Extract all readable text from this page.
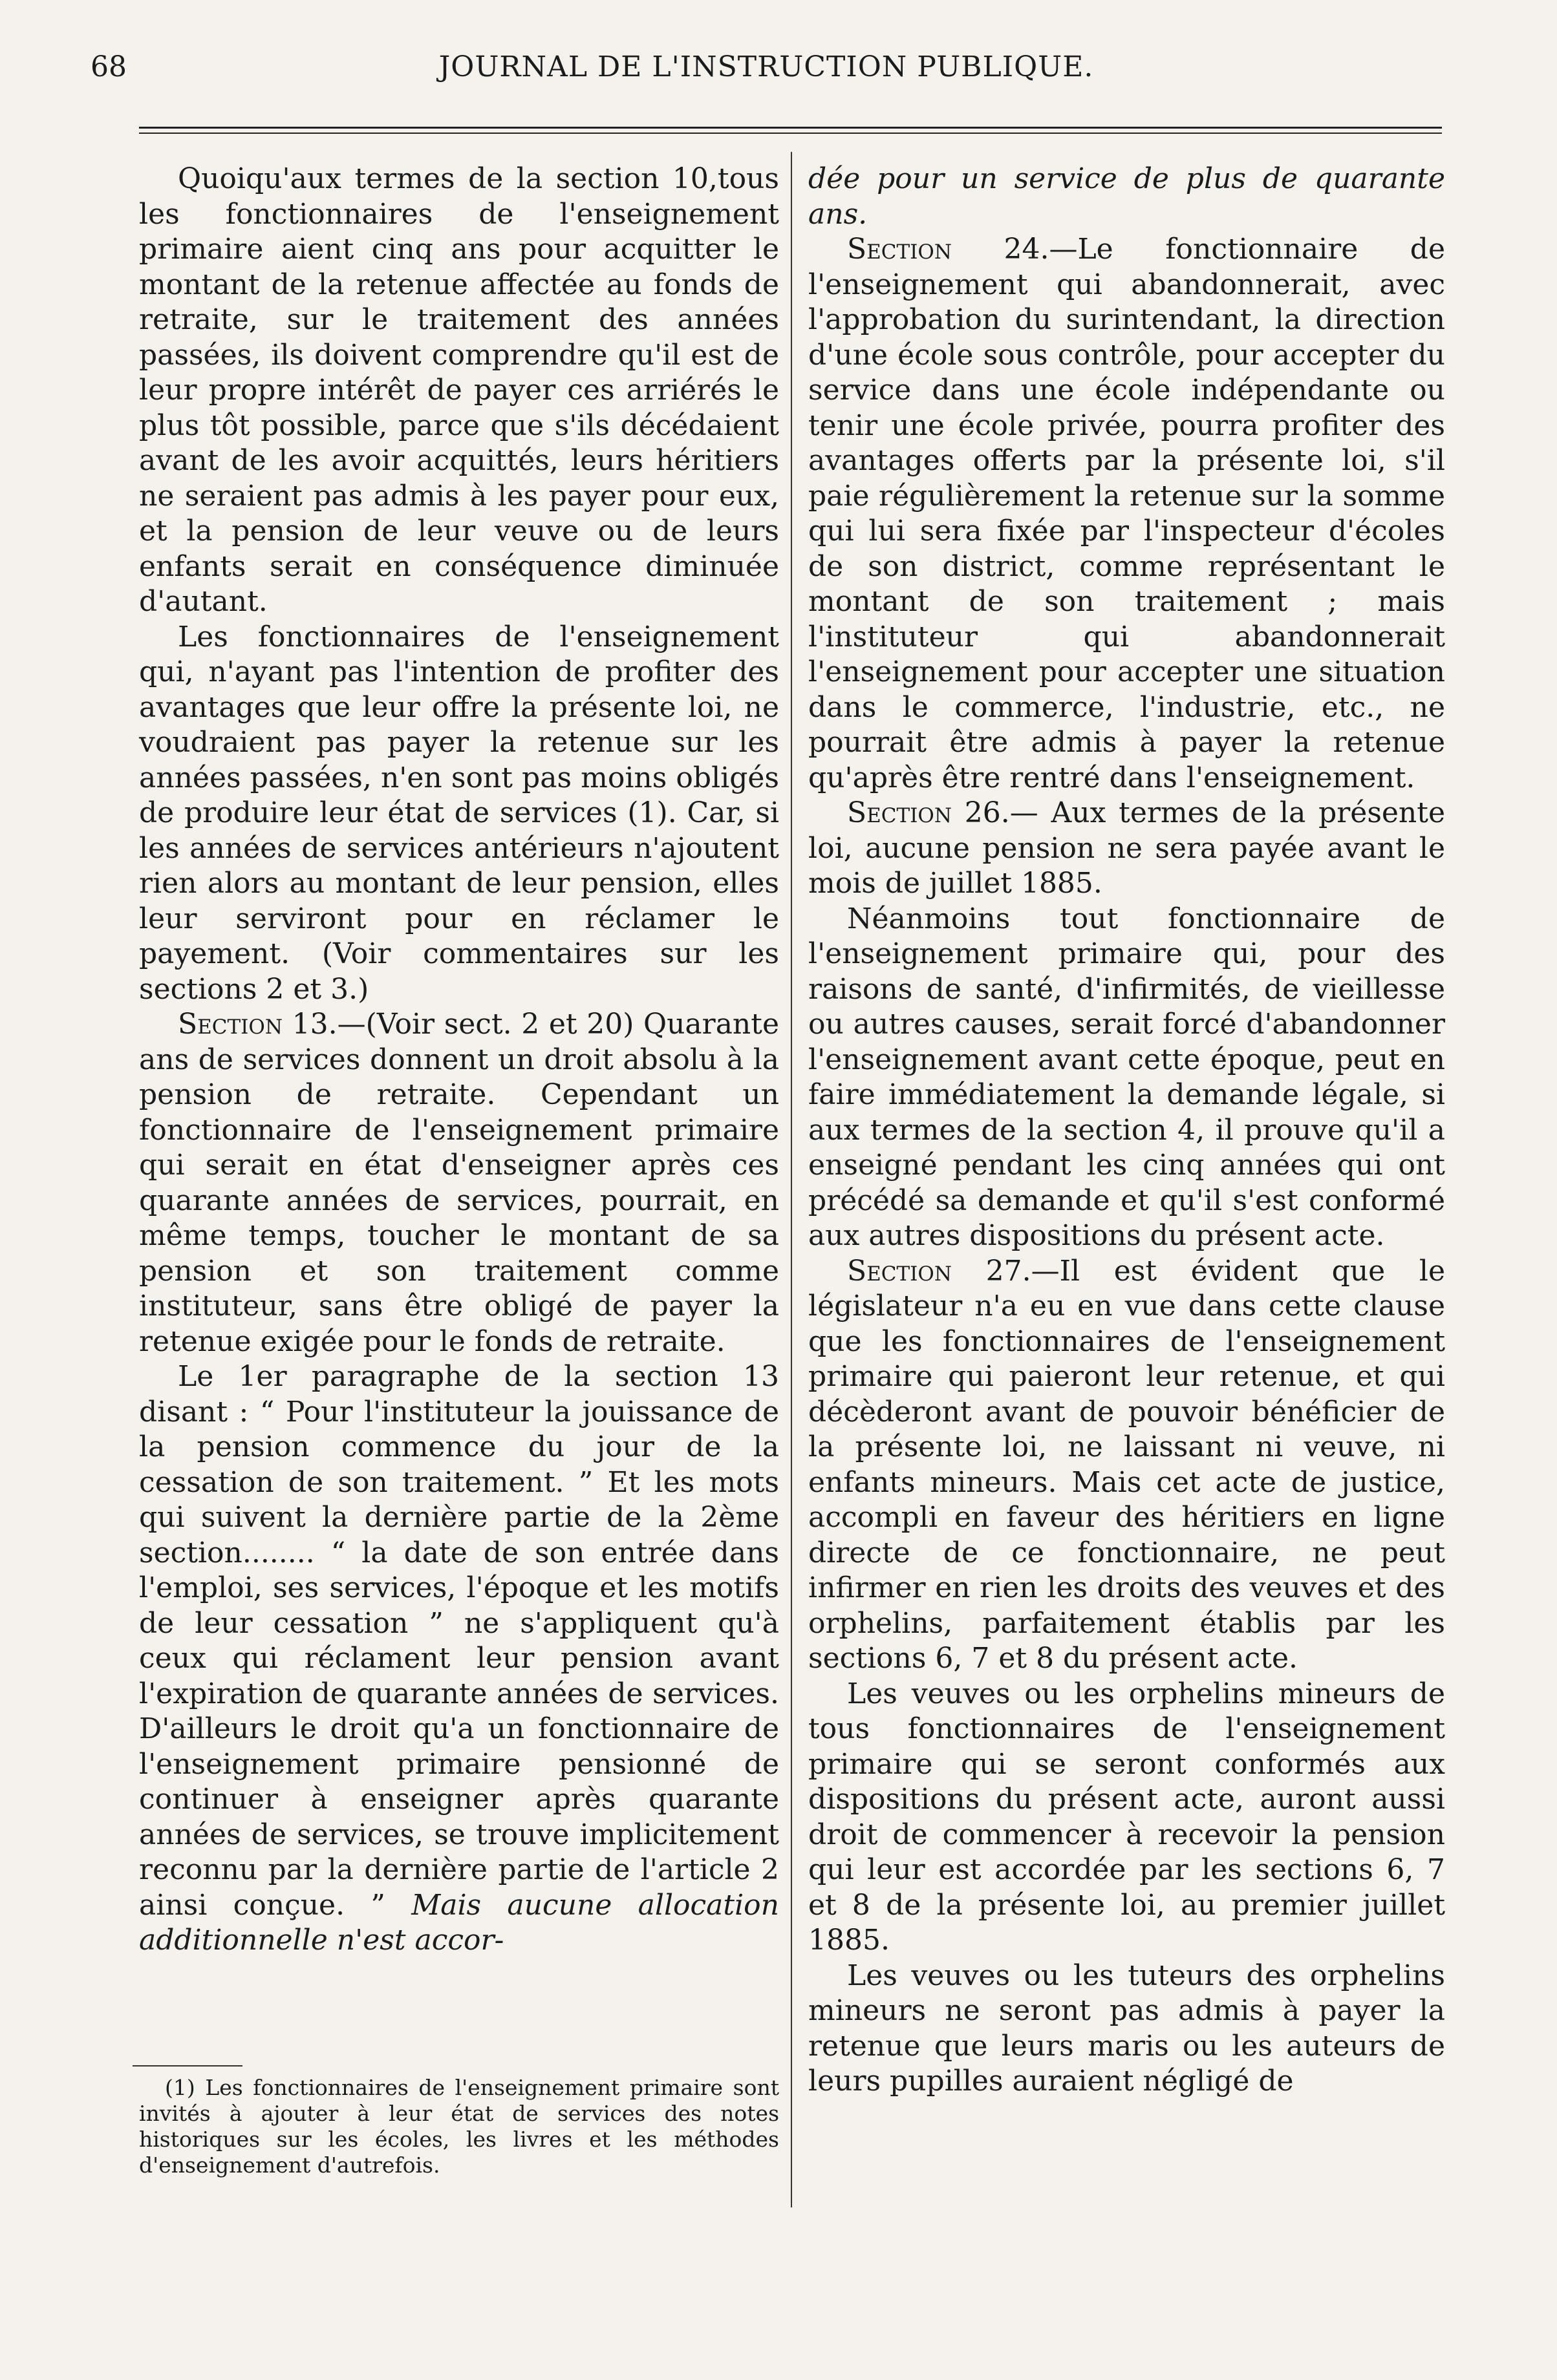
68	JOURNAL DE L'INSTRUCTION PUBLIQUE.

Quoiqu'aux termes de la section 10,tous les fonctionnaires de l'enseignement primaire aient cinq ans pour acquitter le montant de la retenue affectée au fonds de retraite, sur le traitement des années passées, ils doivent comprendre qu'il est de leur propre intérêt de payer ces arriérés le plus tôt possible, parce que s'ils décédaient avant de les avoir acquittés, leurs héritiers ne seraient pas admis à les payer pour eux, et la pension de leur veuve ou de leurs enfants serait en conséquence diminuée d'autant.

Les fonctionnaires de l'enseignement qui, n'ayant pas l'intention de profiter des avantages que leur offre la présente loi, ne voudraient pas payer la retenue sur les années passées, n'en sont pas moins obligés de produire leur état de services (1). Car, si les années de services antérieurs n'ajoutent rien alors au montant de leur pension, elles leur serviront pour en réclamer le payement. (Voir commentaires sur les sections 2 et 3.)

Section 13.—(Voir sect. 2 et 20) Quarante ans de services donnent un droit absolu à la pension de retraite. Cependant un fonctionnaire de l'enseignement primaire qui serait en état d'enseigner après ces quarante années de services, pourrait, en même temps, toucher le montant de sa pension et son traitement comme instituteur, sans être obligé de payer la retenue exigée pour le fonds de retraite.

Le 1er paragraphe de la section 13 disant : “ Pour l'instituteur la jouissance de la pension commence du jour de la cessation de son traitement. ” Et les mots qui suivent la dernière partie de la 2ème section........ “ la date de son entrée dans l'emploi, ses services, l'époque et les motifs de leur cessation ” ne s'appliquent qu'à ceux qui réclament leur pension avant l'expiration de quarante années de services. D'ailleurs le droit qu'a un fonctionnaire de l'enseignement primaire pensionné de continuer à enseigner après quarante années de services, se trouve implicitement reconnu par la dernière partie de l'article 2 ainsi conçue. ” Mais aucune allocation additionnelle n'est accor-

dée pour un service de plus de quarante ans.

Section 24.—Le fonctionnaire de l'enseignement qui abandonnerait, avec l'approbation du surintendant, la direction d'une école sous contrôle, pour accepter du service dans une école indépendante ou tenir une école privée, pourra profiter des avantages offerts par la présente loi, s'il paie régulièrement la retenue sur la somme qui lui sera fixée par l'inspecteur d'écoles de son district, comme représentant le montant de son traitement ; mais l'instituteur qui abandonnerait l'enseignement pour accepter une situation dans le commerce, l'industrie, etc., ne pourrait être admis à payer la retenue qu'après être rentré dans l'enseignement.

Section 26.— Aux termes de la présente loi, aucune pension ne sera payée avant le mois de juillet 1885.

Néanmoins tout fonctionnaire de l'enseignement primaire qui, pour des raisons de santé, d'infirmités, de vieillesse ou autres causes, serait forcé d'abandonner l'enseignement avant cette époque, peut en faire immédiatement la demande légale, si aux termes de la section 4, il prouve qu'il a enseigné pendant les cinq années qui ont précédé sa demande et qu'il s'est conformé aux autres dispositions du présent acte.

Section 27.—Il est évident que le législateur n'a eu en vue dans cette clause que les fonctionnaires de l'enseignement primaire qui paieront leur retenue, et qui décèderont avant de pouvoir bénéficier de la présente loi, ne laissant ni veuve, ni enfants mineurs. Mais cet acte de justice, accompli en faveur des héritiers en ligne directe de ce fonctionnaire, ne peut infirmer en rien les droits des veuves et des orphelins, parfaitement établis par les sections 6, 7 et 8 du présent acte.

Les veuves ou les orphelins mineurs de tous fonctionnaires de l'enseignement primaire qui se seront conformés aux dispositions du présent acte, auront aussi droit de commencer à recevoir la pension qui leur est accordée par les sections 6, 7 et 8 de la présente loi, au premier juillet 1885.

Les veuves ou les tuteurs des orphelins mineurs ne seront pas admis à payer la retenue que leurs maris ou les auteurs de leurs pupilles auraient négligé de

(1) Les fonctionnaires de l'enseignement primaire sont invités à ajouter à leur état de services des notes historiques sur les écoles, les livres et les méthodes d'enseignement d'autrefois.
